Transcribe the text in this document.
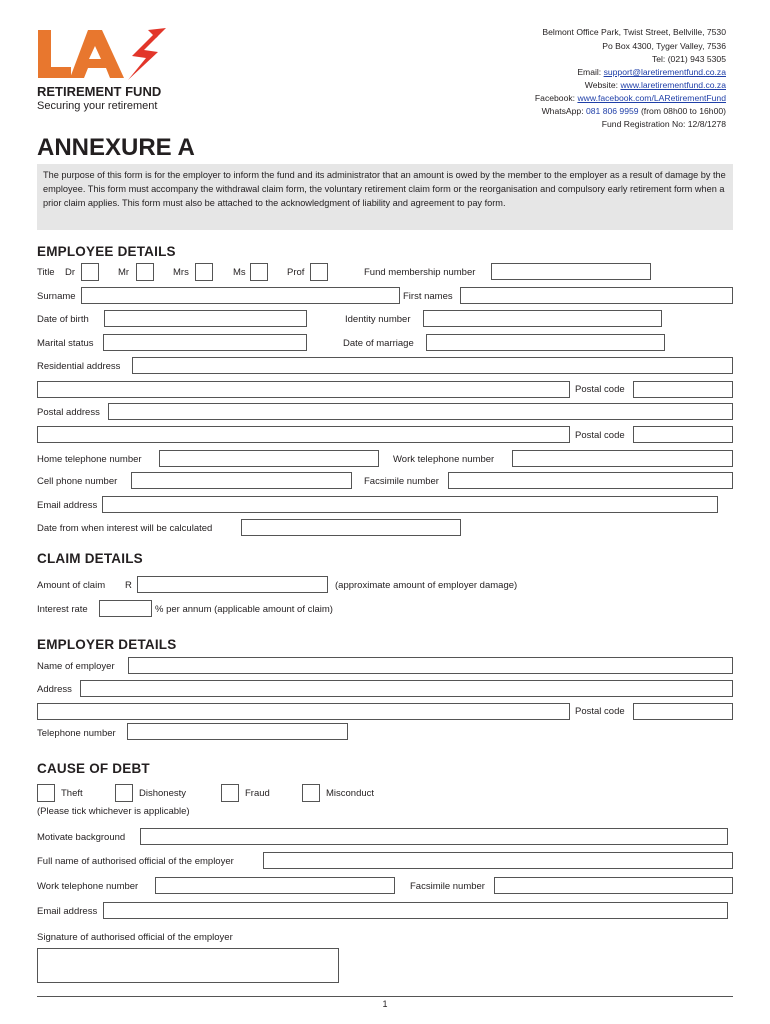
RETIREMENT FUND
Securing your retirement
Belmont Office Park, Twist Street, Bellville, 7530
Po Box 4300, Tyger Valley, 7536
Tel: (021) 943 5305
Email: support@laretirementfund.co.za
Website: www.laretirementfund.co.za
Facebook: www.facebook.com/LARetirementFund
WhatsApp: 081 806 9959 (from 08h00 to 16h00)
Fund Registration No: 12/8/1278
ANNEXURE A
The purpose of this form is for the employer to inform the fund and its administrator that an amount is owed by the member to the employer as a result of damage by the employee. This form must accompany the withdrawal claim form, the voluntary retirement claim form or the reorganisation and compulsory early retirement form when a prior claim applies. This form must also be attached to the acknowledgment of liability and agreement to pay form.
EMPLOYEE DETAILS
Title Dr	Mr	Mrs	Ms	Prof	Fund membership number
Surname	First names
Date of birth	Identity number
Marital status	Date of marriage
Residential address
Postal code
Postal address
Postal code
Home telephone number	Work telephone number
Cell phone number	Facsimile number
Email address
Date from when interest will be calculated
CLAIM DETAILS
Amount of claim R	(approximate amount of employer damage)
Interest rate	% per annum (applicable amount of claim)
EMPLOYER DETAILS
Name of employer
Address
Postal code
Telephone number
CAUSE OF DEBT
Theft	Dishonesty	Fraud	Misconduct
(Please tick whichever is applicable)
Motivate background
Full name of authorised official of the employer
Work telephone number	Facsimile number
Email address
Signature of authorised official of the employer
1
